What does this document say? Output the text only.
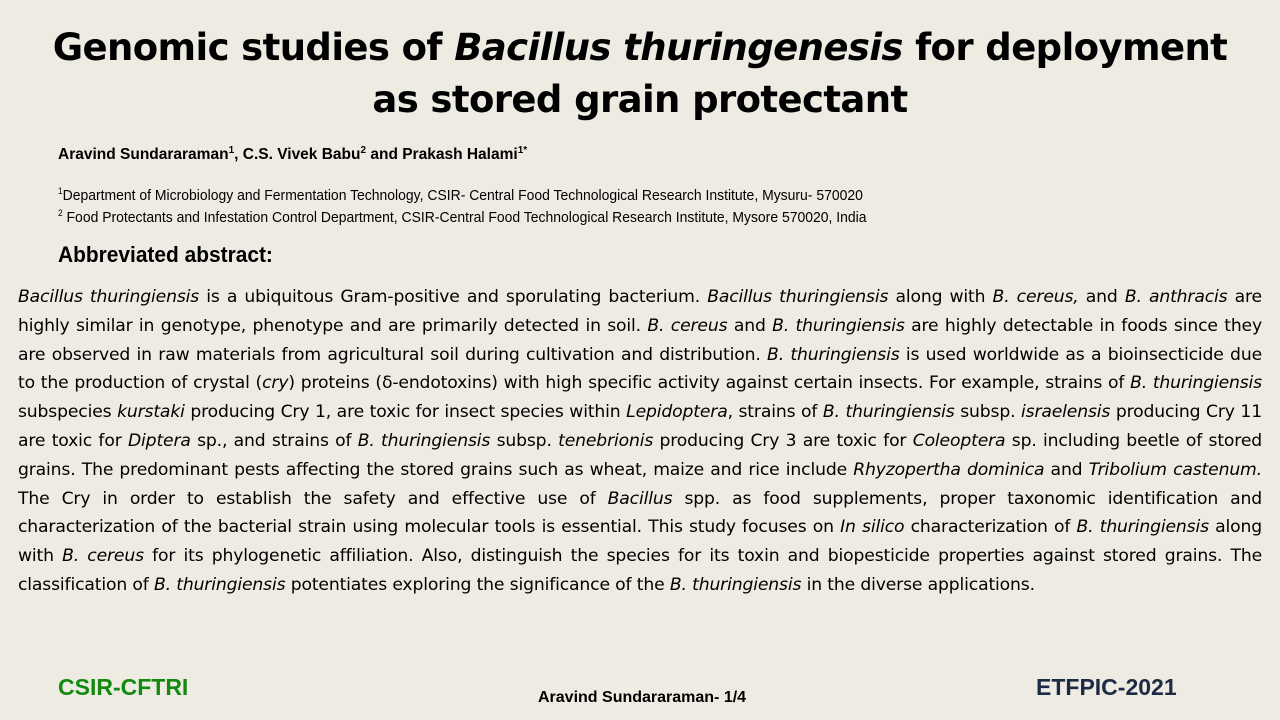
Genomic studies of Bacillus thuringenesis for deployment
as stored grain protectant
Aravind Sundararaman$^1$, C.S. Vivek Babu$^2$ and Prakash Halami$^{1*}$
$^1$Department of Microbiology and Fermentation Technology, CSIR- Central Food Technological Research Institute, Mysuru- 570020
$^2$ Food Protectants and Infestation Control Department, CSIR-Central Food Technological Research Institute, Mysore 570020, India
Abbreviated abstract:
Bacillus thuringiensis is a ubiquitous Gram-positive and sporulating bacterium. Bacillus thuringiensis along with B. cereus, and B. anthracis are highly similar in genotype, phenotype and are primarily detected in soil. B. cereus and B. thuringiensis are highly detectable in foods since they are observed in raw materials from agricultural soil during cultivation and distribution. B. thuringiensis is used worldwide as a bioinsecticide due to the production of crystal (cry) proteins (δ-endotoxins) with high specific activity against certain insects. For example, strains of B. thuringiensis subspecies kurstaki producing Cry 1, are toxic for insect species within Lepidoptera, strains of B. thuringiensis subsp. israelensis producing Cry 11 are toxic for Diptera sp., and strains of B. thuringiensis subsp. tenebrionis producing Cry 3 are toxic for Coleoptera sp. including beetle of stored grains. The predominant pests affecting the stored grains such as wheat, maize and rice include Rhyzopertha dominica and Tribolium castenum. The Cry in order to establish the safety and effective use of Bacillus spp. as food supplements, proper taxonomic identification and characterization of the bacterial strain using molecular tools is essential. This study focuses on In silico characterization of B. thuringiensis along with B. cereus for its phylogenetic affiliation. Also, distinguish the species for its toxin and biopesticide properties against stored grains. The classification of B. thuringiensis potentiates exploring the significance of the B. thuringiensis in the diverse applications.
CSIR-CFTRI	Aravind Sundararaman- 1/4	ETFPIC-2021
